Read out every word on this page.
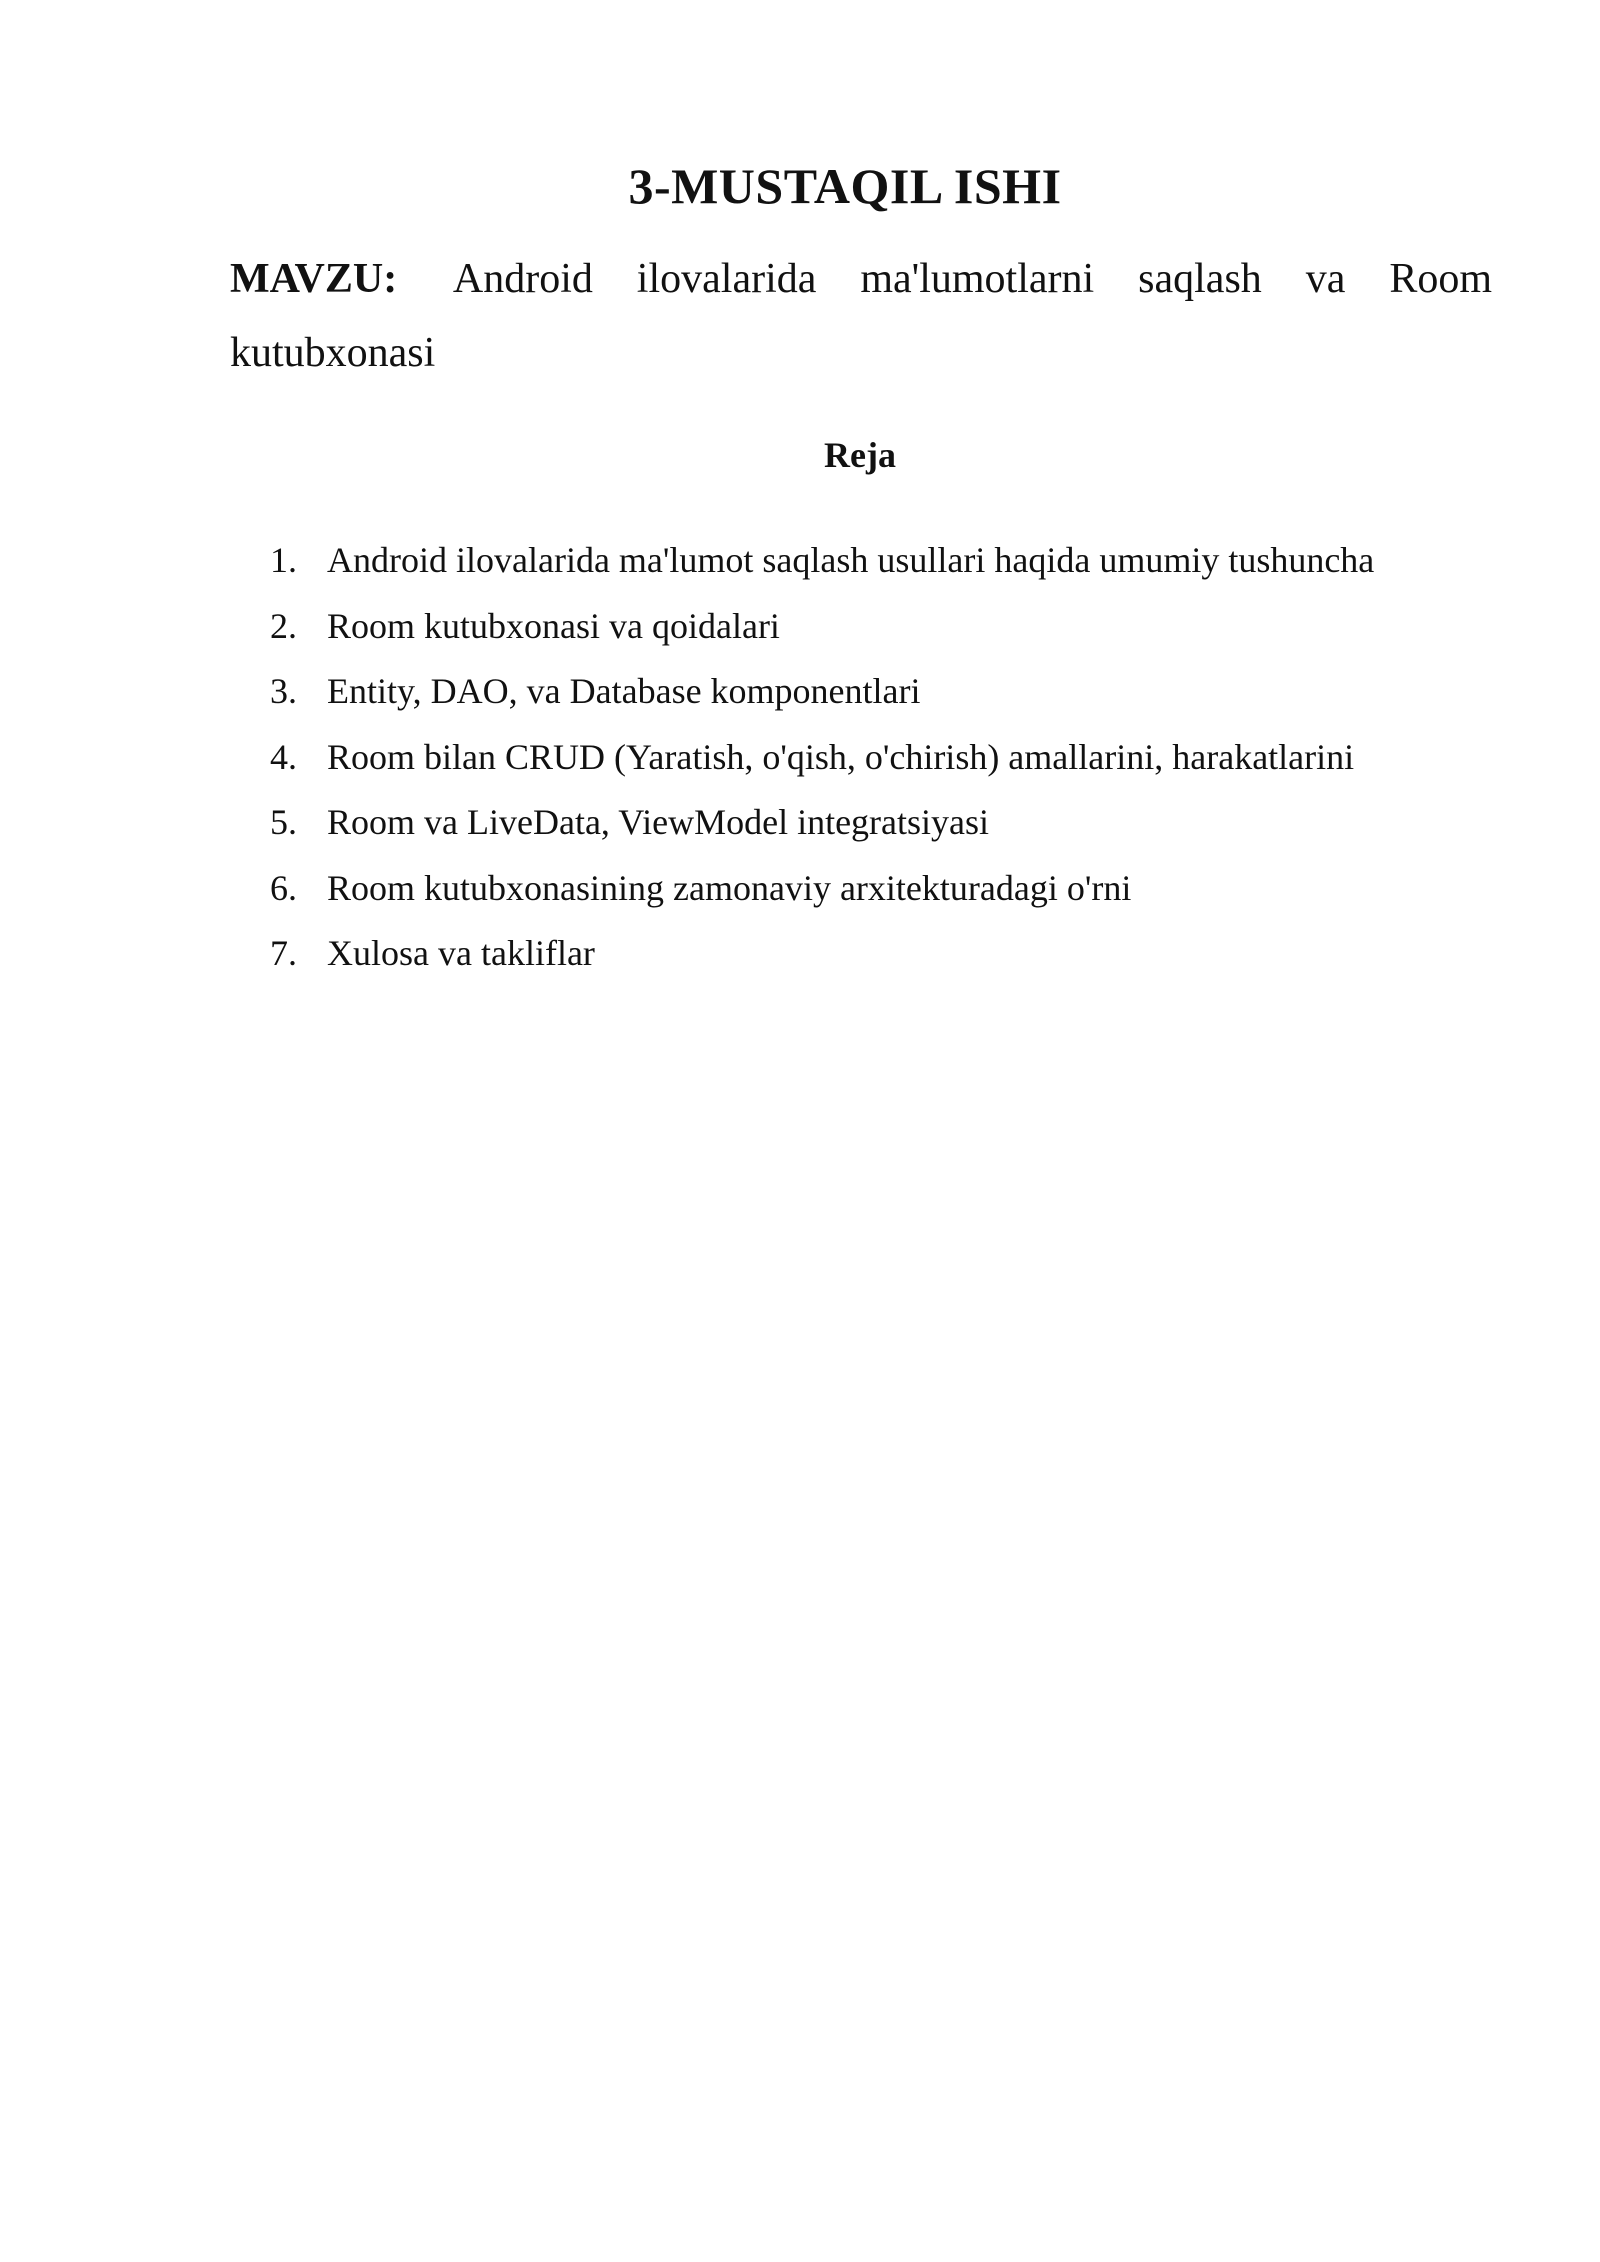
3-MUSTAQIL ISHI

MAVZU: Android ilovalarida ma'lumotlarni saqlash va Room kutubxonasi

Reja
1. Android ilovalarida ma'lumot saqlash usullari haqida umumiy tushuncha
2. Room kutubxonasi va qoidalari
3. Entity, DAO, va Database komponentlari
4. Room bilan CRUD (Yaratish, o'qish, o'chirish) amallarini, harakatlarini
5. Room va LiveData, ViewModel integratsiyasi
6. Room kutubxonasining zamonaviy arxitekturadagi o'rni
7. Xulosa va takliflar
